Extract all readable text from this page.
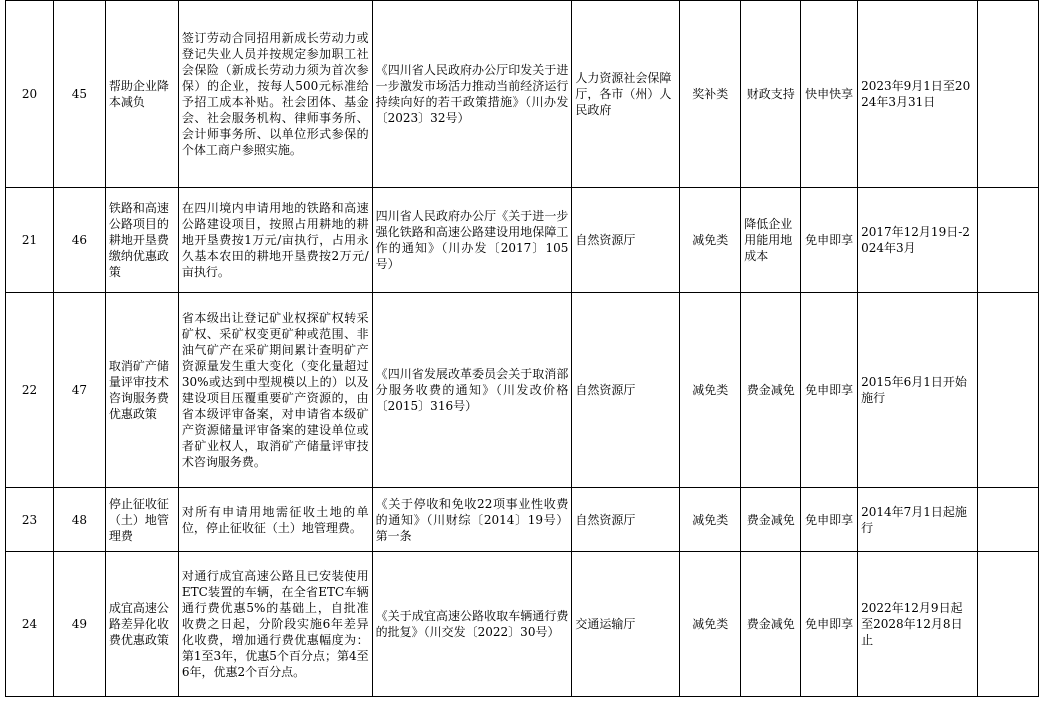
20	45	帮助企业降本减负	签订劳动合同招用新成长劳动力或登记失业人员并按规定参加职工社会保险（新成长劳动力须为首次参保）的企业，按每人500元标准给予招工成本补贴。社会团体、基金会、社会服务机构、律师事务所、会计师事务所、以单位形式参保的个体工商户参照实施。	《四川省人民政府办公厅印发关于进一步激发市场活力推动当前经济运行持续向好的若干政策措施》（川办发〔2023〕32号）	人力资源社会保障厅，各市（州）人民政府	奖补类	财政支持	快申快享	2023年9月1日至2024年3月31日	
21	46	铁路和高速公路项目的耕地开垦费缴纳优惠政策	在四川境内申请用地的铁路和高速公路建设项目，按照占用耕地的耕地开垦费按1万元/亩执行，占用永久基本农田的耕地开垦费按2万元/亩执行。	四川省人民政府办公厅《关于进一步强化铁路和高速公路建设用地保障工作的通知》（川办发〔2017〕105号）	自然资源厅	减免类	降低企业用能用地成本	免申即享	2017年12月19日-2024年3月	
22	47	取消矿产储量评审技术咨询服务费优惠政策	省本级出让登记矿业权探矿权转采矿权、采矿权变更矿种或范围、非油气矿产在采矿期间累计查明矿产资源量发生重大变化（变化量超过30%或达到中型规模以上的）以及建设项目压覆重要矿产资源的，由省本级评审备案，对申请省本级矿产资源储量评审备案的建设单位或者矿业权人，取消矿产储量评审技术咨询服务费。	《四川省发展改革委员会关于取消部分服务收费的通知》（川发改价格〔2015〕316号）	自然资源厅	减免类	费金减免	免申即享	2015年6月1日开始施行	
23	48	停止征收征（土）地管理费	对所有申请用地需征收土地的单位，停止征收征（土）地管理费。	《关于停收和免收22项事业性收费的通知》（川财综〔2014〕19号）第一条	自然资源厅	减免类	费金减免	免申即享	2014年7月1日起施行	
24	49	成宜高速公路差异化收费优惠政策	对通行成宜高速公路且已安装使用ETC装置的车辆，在全省ETC车辆通行费优惠5%的基础上，自批准收费之日起，分阶段实施6年差异化收费，增加通行费优惠幅度为：第1至3年，优惠5个百分点；第4至6年，优惠2个百分点。	《关于成宜高速公路收取车辆通行费的批复》（川交发〔2022〕30号）	交通运输厅	减免类	费金减免	免申即享	2022年12月9日起至2028年12月8日止	
